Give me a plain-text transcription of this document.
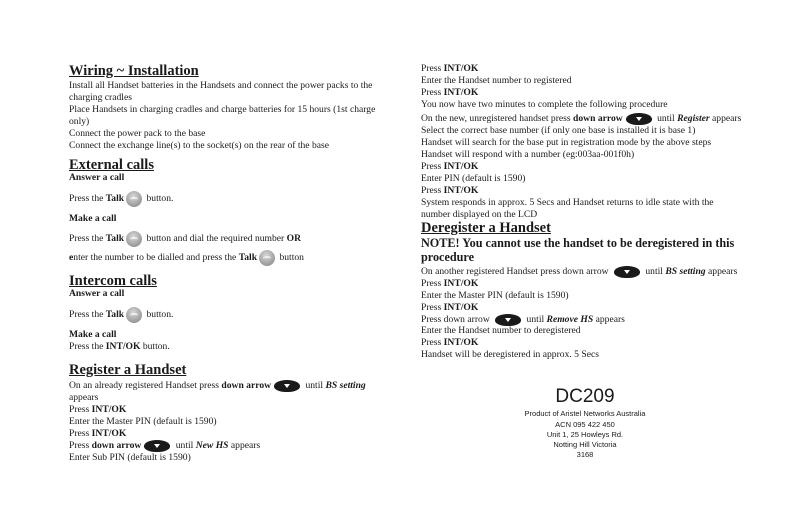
Wiring ~ Installation
Install all Handset batteries in the Handsets and connect the power packs to the
charging cradles
Place Handsets in charging cradles and charge batteries for 15 hours (1st charge
only)
Connect the power pack to the base
Connect the exchange line(s) to the socket(s) on the rear of the base
External calls
Answer a call
Press the Talk button.
Make a call
Press the Talk button and dial the required number OR
enter the number to be dialled and press the Talk button
Intercom calls
Answer a call
Press the Talk button.
Make a call
Press the INT/OK button.
Register a Handset
On an already registered Handset press down arrow	until BS setting
appears
Press INT/OK
Enter the Master PIN (default is 1590)
Press INT/OK
Press down arrow	until New HS appears
Enter Sub PIN (default is 1590)
Press INT/OK
Enter the Handset number to registered
Press INT/OK
You now have two minutes to complete the following procedure
On the new, unregistered handset press down arrow	until Register appears
Select the correct base number (if only one base is installed it is base 1)
Handset will search for the base put in registration mode by the above steps
Handset will respond with a number (eg:003aa-001f0h)
Press INT/OK
Enter PIN (default is 1590)
Press INT/OK
System responds in approx. 5 Secs and Handset returns to idle state with the
number displayed on the LCD
Deregister a Handset
NOTE! You cannot use the handset to be deregistered in this
procedure
On another registered Handset press down arrow	until BS setting appears
Press INT/OK
Enter the Master PIN (default is 1590)
Press INT/OK
Press down arrow	until Remove HS appears
Enter the Handset number to deregistered
Press INT/OK
Handset will be deregistered in approx. 5 Secs
DC209
Product of Aristel Networks Australia
ACN 095 422 450
Unit 1, 25 Howleys Rd.
Notting Hill Victoria
3168
